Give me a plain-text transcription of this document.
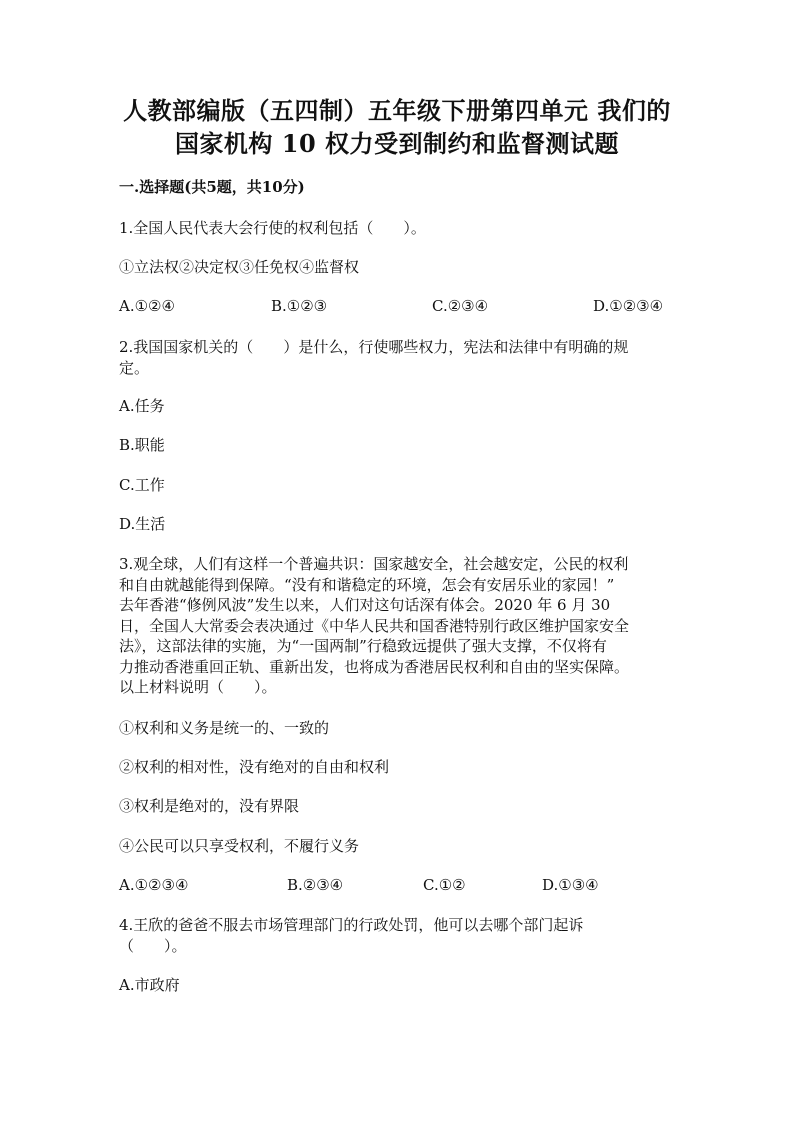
人教部编版（五四制）五年级下册第四单元 我们的
国家机构 10 权力受到制约和监督测试题
一.选择题(共5题，共10分)
1.全国人民代表大会行使的权利包括（　　）。
①立法权②决定权③任免权④监督权
A.①②④	B.①②③	C.②③④	D.①②③④
2.我国国家机关的（　　）是什么，行使哪些权力，宪法和法律中有明确的规
定。
A.任务
B.职能
C.工作
D.生活
3.观全球，人们有这样一个普遍共识：国家越安全，社会越安定，公民的权利
和自由就越能得到保障。“没有和谐稳定的环境，怎会有安居乐业的家园！”
去年香港“修例风波”发生以来，人们对这句话深有体会。2020 年 6 月 30
日，全国人大常委会表决通过《中华人民共和国香港特别行政区维护国家安全
法》，这部法律的实施，为“一国两制”行稳致远提供了强大支撑，不仅将有
力推动香港重回正轨、重新出发，也将成为香港居民权利和自由的坚实保障。
以上材料说明（　　）。
①权利和义务是统一的、一致的
②权利的相对性，没有绝对的自由和权利
③权利是绝对的，没有界限
④公民可以只享受权利，不履行义务
A.①②③④	B.②③④	C.①②	D.①③④
4.王欣的爸爸不服去市场管理部门的行政处罚，他可以去哪个部门起诉
（　　）。
A.市政府
